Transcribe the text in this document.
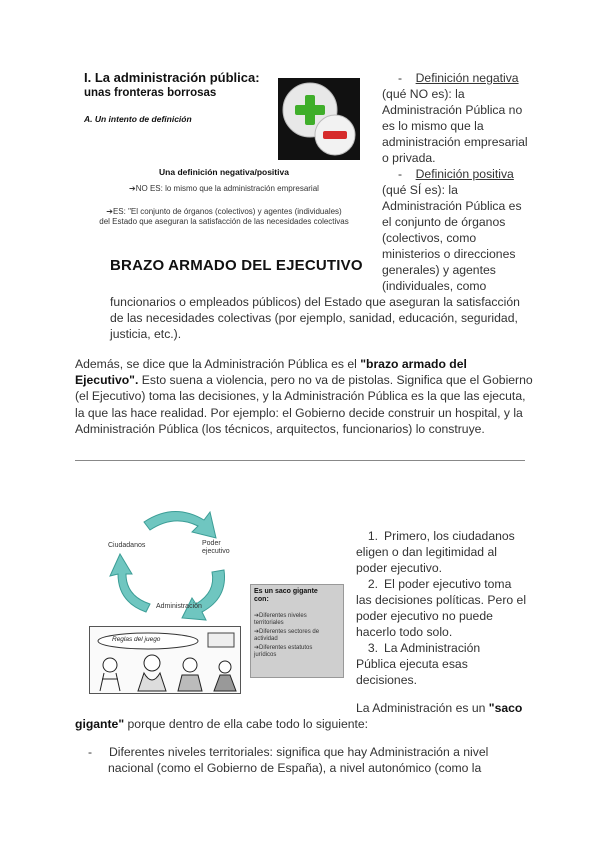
I. La administración pública:
unas fronteras borrosas
A. Un intento de definición
Una definición negativa/positiva
➔NO ES: lo mismo que la administración empresarial
➔ES: "El conjunto de órganos (colectivos) y agentes (individuales)
del Estado que aseguran la satisfacción de las necesidades colectivas
BRAZO ARMADO DEL EJECUTIVO
- Definición negativa
(qué NO es): la
Administración Pública no
es lo mismo que la
administración empresarial
o privada.
- Definición positiva
(qué SÍ es): la
Administración Pública es
el conjunto de órganos
(colectivos, como
ministerios o direcciones
generales) y agentes
(individuales, como
funcionarios o empleados públicos) del Estado que aseguran la satisfacción
de las necesidades colectivas (por ejemplo, sanidad, educación, seguridad,
justicia, etc.).
Además, se dice que la Administración Pública es el "brazo armado del
Ejecutivo". Esto suena a violencia, pero no va de pistolas. Significa que el Gobierno
(el Ejecutivo) toma las decisiones, y la Administración Pública es la que las ejecuta,
la que las hace realidad. Por ejemplo: el Gobierno decide construir un hospital, y la
Administración Pública (los técnicos, arquitectos, funcionarios) lo construye.
Ciudadanos	Poder
ejecutivo
Administración
Es un saco gigante
con:
➔Diferentes niveles
territoriales
➔Diferentes sectores de
actividad
➔Diferentes estatutos
jurídicos
Reglas del juego
1. Primero, los ciudadanos
eligen o dan legitimidad al
poder ejecutivo.
2. El poder ejecutivo toma
las decisiones políticas. Pero el
poder ejecutivo no puede
hacerlo todo solo.
3. La Administración
Pública ejecuta esas
decisiones.
La Administración es un "saco
gigante" porque dentro de ella cabe todo lo siguiente:
- Diferentes niveles territoriales: significa que hay Administración a nivel
nacional (como el Gobierno de España), a nivel autonómico (como la
